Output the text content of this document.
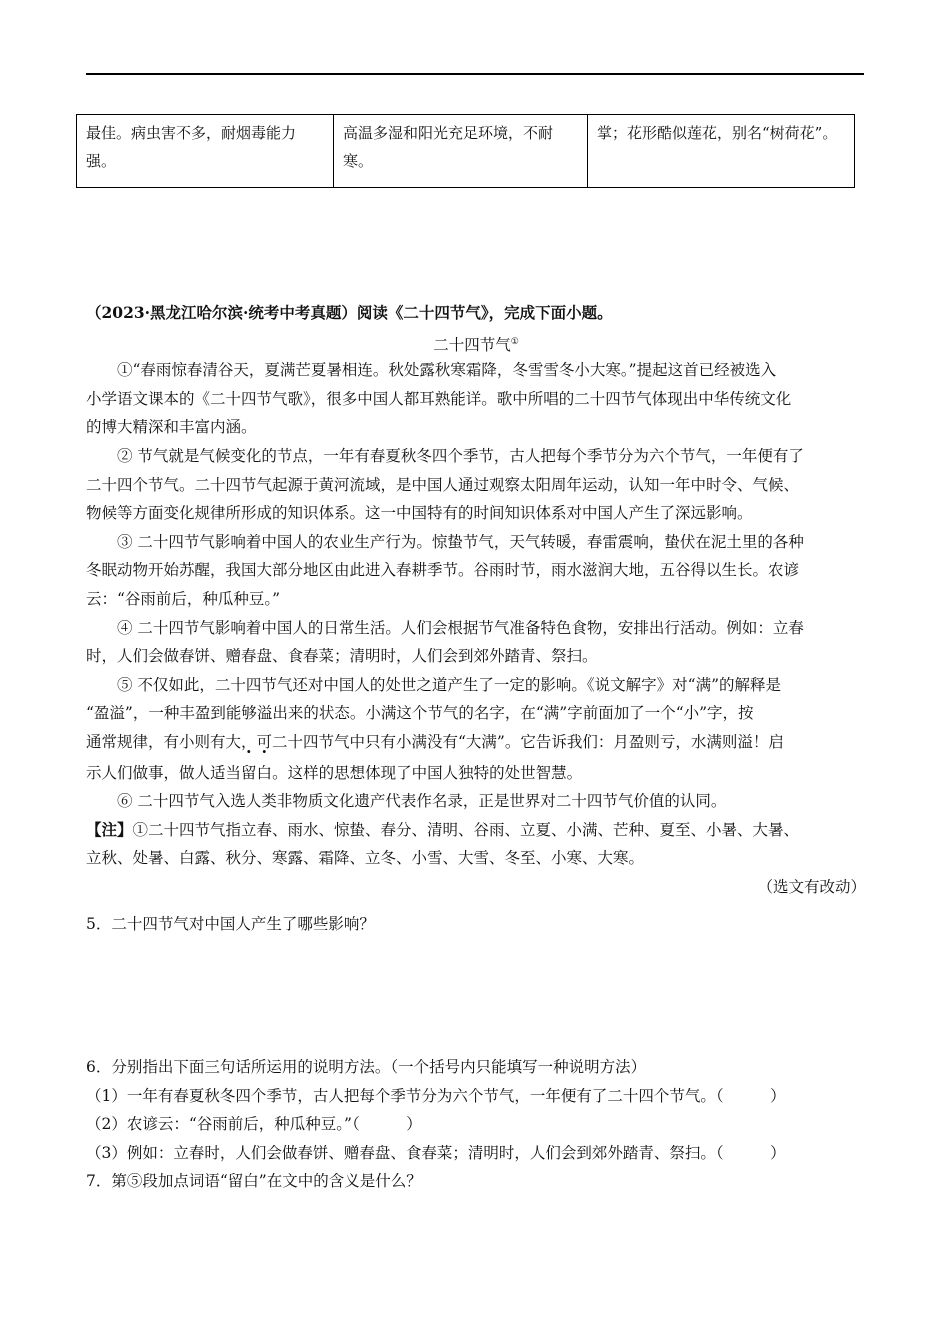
最佳。病虫害不多，耐烟毒能力强。	高温多湿和阳光充足环境，不耐寒。	掌；花形酷似莲花，别名“树荷花”。
（2023·黑龙江哈尔滨·统考中考真题）阅读《二十四节气》，完成下面小题。
二十四节气①
①“春雨惊春清谷天，夏满芒夏暑相连。秋处露秋寒霜降，冬雪雪冬小大寒。”提起这首已经被选入
小学语文课本的《二十四节气歌》，很多中国人都耳熟能详。歌中所唱的二十四节气体现出中华传统文化
的博大精深和丰富内涵。
② 节气就是气候变化的节点，一年有春夏秋冬四个季节，古人把每个季节分为六个节气，一年便有了
二十四个节气。二十四节气起源于黄河流域，是中国人通过观察太阳周年运动，认知一年中时令、气候、
物候等方面变化规律所形成的知识体系。这一中国特有的时间知识体系对中国人产生了深远影响。
③ 二十四节气影响着中国人的农业生产行为。惊蛰节气，天气转暖，春雷震响，蛰伏在泥土里的各种
冬眠动物开始苏醒，我国大部分地区由此进入春耕季节。谷雨时节，雨水滋润大地，五谷得以生长。农谚
云：“谷雨前后，种瓜种豆。”
④ 二十四节气影响着中国人的日常生活。人们会根据节气准备特色食物，安排出行活动。例如：立春
时，人们会做春饼、赠春盘、食春菜；清明时，人们会到郊外踏青、祭扫。
⑤ 不仅如此，二十四节气还对中国人的处世之道产生了一定的影响。《说文解字》对“满”的解释是
“盈溢”，一种丰盈到能够溢出来的状态。小满这个节气的名字，在“满”字前面加了一个“小”字，按
通常规律，有小则有大，可二十四节气中只有小满没有“大满”。它告诉我们：月盈则亏，水满则溢！启
示人们做事，做人适当留白。这样的思想体现了中国人独特的处世智慧。
⑥ 二十四节气入选人类非物质文化遗产代表作名录，正是世界对二十四节气价值的认同。
【注】①二十四节气指立春、雨水、惊蛰、春分、清明、谷雨、立夏、小满、芒种、夏至、小暑、大暑、
立秋、处暑、白露、秋分、寒露、霜降、立冬、小雪、大雪、冬至、小寒、大寒。
（选文有改动）
5．二十四节气对中国人产生了哪些影响？
6．分别指出下面三句话所运用的说明方法。（一个括号内只能填写一种说明方法）
（1）一年有春夏秋冬四个季节，古人把每个季节分为六个节气，一年便有了二十四个节气。（　　　）
（2）农谚云：“谷雨前后，种瓜种豆。”（　　　）
（3）例如：立春时，人们会做春饼、赠春盘、食春菜；清明时，人们会到郊外踏青、祭扫。（　　　）
7．第⑤段加点词语“留白”在文中的含义是什么？
